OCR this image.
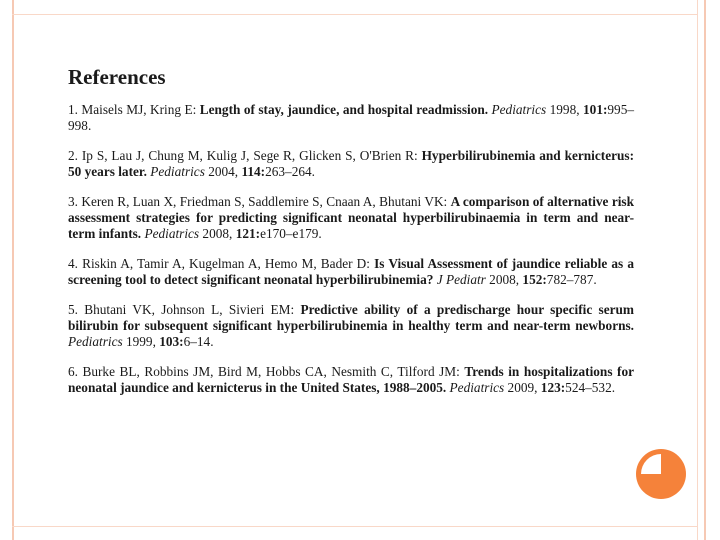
References
1. Maisels MJ, Kring E: Length of stay, jaundice, and hospital readmission. Pediatrics 1998, 101:995–998.
2. Ip S, Lau J, Chung M, Kulig J, Sege R, Glicken S, O'Brien R: Hyperbilirubinemia and kernicterus: 50 years later. Pediatrics 2004, 114:263–264.
3. Keren R, Luan X, Friedman S, Saddlemire S, Cnaan A, Bhutani VK: A comparison of alternative risk assessment strategies for predicting significant neonatal hyperbilirubinaemia in term and near-term infants. Pediatrics 2008, 121:e170–e179.
4. Riskin A, Tamir A, Kugelman A, Hemo M, Bader D: Is Visual Assessment of jaundice reliable as a screening tool to detect significant neonatal hyperbilirubinemia? J Pediatr 2008, 152:782–787.
5. Bhutani VK, Johnson L, Sivieri EM: Predictive ability of a predischarge hour specific serum bilirubin for subsequent significant hyperbilirubinemia in healthy term and near-term newborns. Pediatrics 1999, 103:6–14.
6. Burke BL, Robbins JM, Bird M, Hobbs CA, Nesmith C, Tilford JM: Trends in hospitalizations for neonatal jaundice and kernicterus in the United States, 1988–2005. Pediatrics 2009, 123:524–532.
